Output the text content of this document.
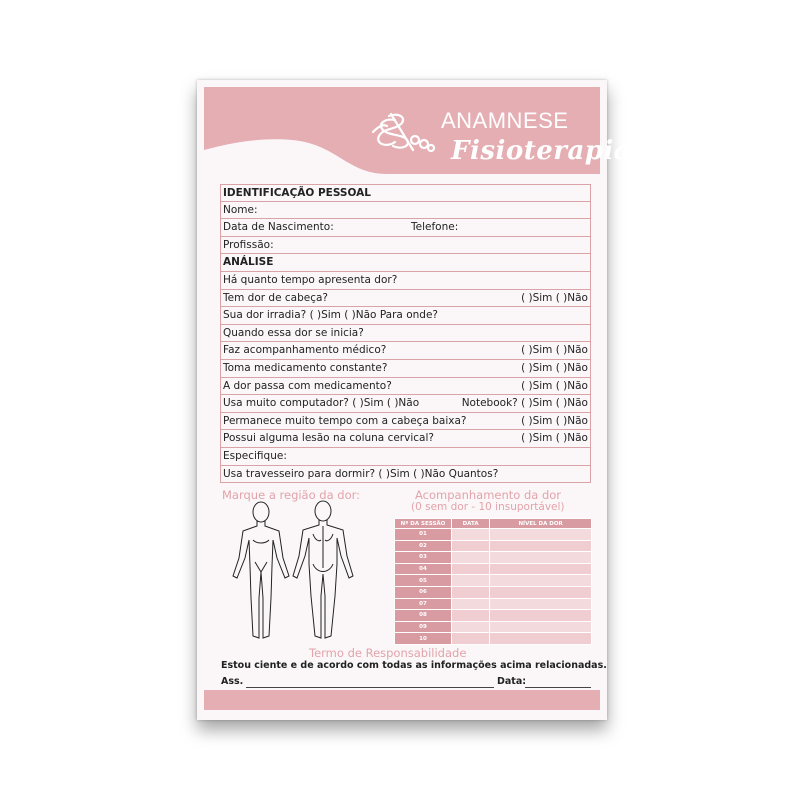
ANAMNESE
Fisioterapia
IDENTIFICAÇÃO PESSOAL
Nome:
Data de Nascimento:	Telefone:
Profissão:
ANÁLISE
Há quanto tempo apresenta dor?
Tem dor de cabeça?	( )Sim ( )Não
Sua dor irradia? ( )Sim ( )Não Para onde?
Quando essa dor se inicia?
Faz acompanhamento médico?	( )Sim ( )Não
Toma medicamento constante?	( )Sim ( )Não
A dor passa com medicamento?	( )Sim ( )Não
Usa muito computador? ( )Sim ( )Não	Notebook? ( )Sim ( )Não
Permanece muito tempo com a cabeça baixa?	( )Sim ( )Não
Possui alguma lesão na coluna cervical?	( )Sim ( )Não
Especifique:
Usa travesseiro para dormir? ( )Sim ( )Não Quantos?
Marque a região da dor:	Acompanhamento da dor
(0 sem dor - 10 insuportável)
Nº DA SESSÃO	DATA	NÍVEL DA DOR
01		
02		
03		
04		
05		
06		
07		
08		
09		
10		
Termo de Responsabilidade
Estou ciente e de acordo com todas as informações acima relacionadas.
Ass.	Data:
